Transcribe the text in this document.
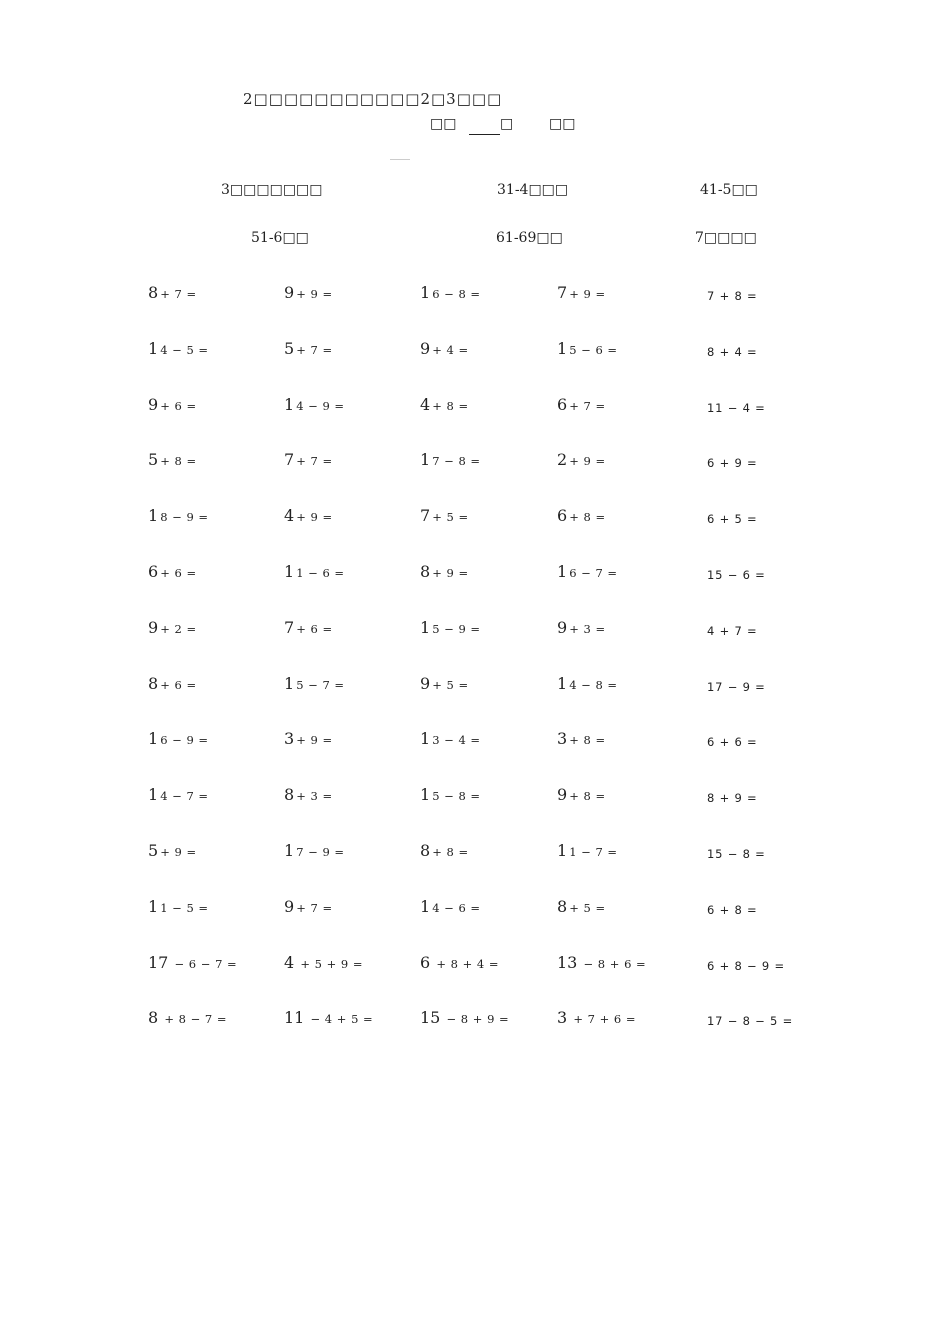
2□□□□□□□□□□□2□3□□□
□□	□	□□
3□□□□□□□	31-4□□□	41-5□□
51-6□□	61-69□□	7□□□□
8 + 7 =	9 + 9 =	1 6 − 8 =	7 + 9 =	7 + 8 =
1 4 − 5 =	5 + 7 =	9 + 4 =	1 5 − 6 =	8 + 4 =
9 + 6 =	1 4 − 9 =	4 + 8 =	6 + 7 =	11 − 4 =
5 + 8 =	7 + 7 =	1 7 − 8 =	2 + 9 =	6 + 9 =
1 8 − 9 =	4 + 9 =	7 + 5 =	6 + 8 =	6 + 5 =
6 + 6 =	1 1 − 6 =	8 + 9 =	1 6 − 7 =	15 − 6 =
9 + 2 =	7 + 6 =	1 5 − 9 =	9 + 3 =	4 + 7 =
8 + 6 =	1 5 − 7 =	9 + 5 =	1 4 − 8 =	17 − 9 =
1 6 − 9 =	3 + 9 =	1 3 − 4 =	3 + 8 =	6 + 6 =
1 4 − 7 =	8 + 3 =	1 5 − 8 =	9 + 8 =	8 + 9 =
5 + 9 =	1 7 − 9 =	8 + 8 =	1 1 − 7 =	15 − 8 =
1 1 − 5 =	9 + 7 =	1 4 − 6 =	8 + 5 =	6 + 8 =
17 − 6 − 7 =	4 + 5 + 9 =	6 + 8 + 4 =	13 − 8 + 6 =	6 + 8 − 9 =
8 + 8 − 7 =	11 − 4 + 5 =	15 − 8 + 9 =	3 + 7 + 6 =	17 − 8 − 5 =
